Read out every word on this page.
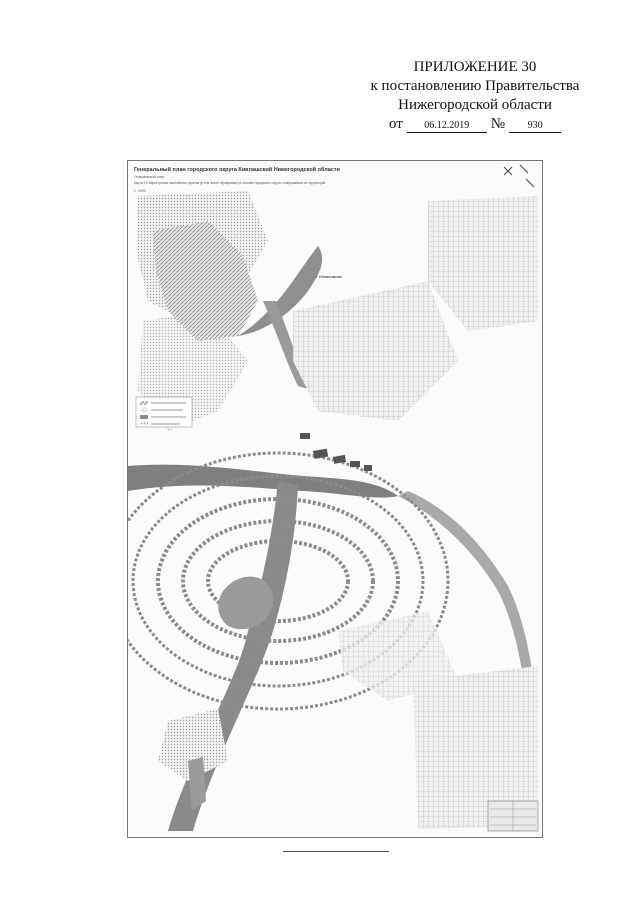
ПРИЛОЖЕНИЕ 30
к постановлению Правительства
Нижегородской области
от	06.12.2019	№	930
Генеральный план городского округа Кивлашский Нижегородской области
Генеральный план
Карта 2.5 Карта границ населённых пунктов (в том числе образуемых) в составе городского округа, совершаемых из территорий
1 : 2000
г. Юманимово
